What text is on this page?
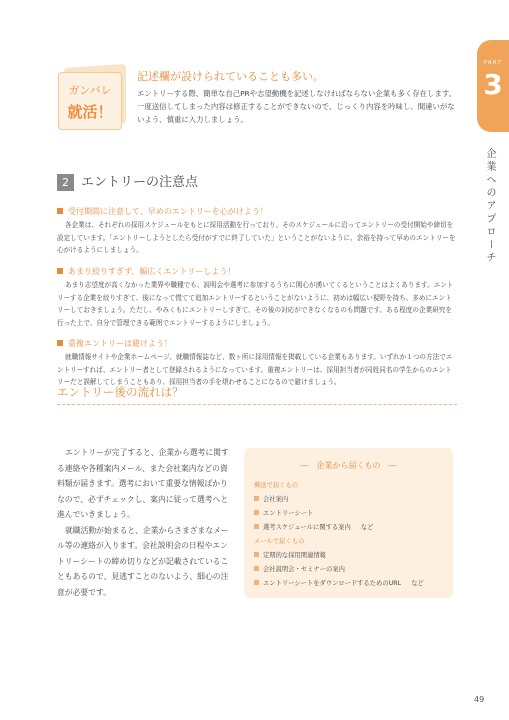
PART
3
企業へのアプローチ
ガンバレ
就活！
記述欄が設けられていることも多い。
エントリーする際、簡単な自己PRや志望動機を記述しなければならない企業も多く存在します。一度送信してしまった内容は修正することができないので、じっくり内容を吟味し、間違いがないよう、慎重に入力しましょう。
2 エントリーの注意点
受付期間に注意して、早めのエントリーを心がけよう！
各企業は、それぞれの採用スケジュールをもとに採用活動を行っており、そのスケジュールに沿ってエントリーの受付開始や締切を設定しています。「エントリーしようとしたら受付がすでに終了していた」ということがないように、余裕を持って早めのエントリーを心がけるようにしましょう。
あまり絞りすぎず、幅広くエントリーしよう！
あまり志望度が高くなかった業界や職種でも、説明会や選考に参加するうちに関心が湧いてくるということはよくあります。エントリーする企業を絞りすぎて、後になって慌てて追加エントリーするということがないように、初めは幅広い視野を持ち、多めにエントリーしておきましょう。ただし、やみくもにエントリーしすぎて、その後の対応ができなくなるのも問題です。ある程度の企業研究を行った上で、自分で管理できる範囲でエントリーするようにしましょう。
重複エントリーは避けよう！
就職情報サイトや企業ホームページ、就職情報誌など、数ヶ所に採用情報を掲載している企業もあります。いずれか１つの方法でエントリーすれば、エントリー者として登録されるようになっています。重複エントリーは、採用担当者が同姓同名の学生からのエントリーだと誤解してしまうこともあり、採用担当者の手を煩わせることになるので避けましょう。
エントリー後の流れは？

エントリーが完了すると、企業から選考に関する連絡や各種案内メール、また会社案内などの資料類が届きます。選考において重要な情報ばかりなので、必ずチェックし、案内に従って選考へと進んでいきましょう。

就職活動が始まると、企業からさまざまなメール等の連絡が入ります。会社説明会の日程やエントリーシートの締め切りなどが記載されていることもあるので、見逃すことのないよう、細心の注意が必要です。

―　企業から届くもの　―
郵送で届くもの
会社案内
エントリーシート
選考スケジュールに関する案内 など
メールで届くもの
定期的な採用関連情報
会社説明会・セミナーの案内
エントリーシートをダウンロードするためのURL など
49
